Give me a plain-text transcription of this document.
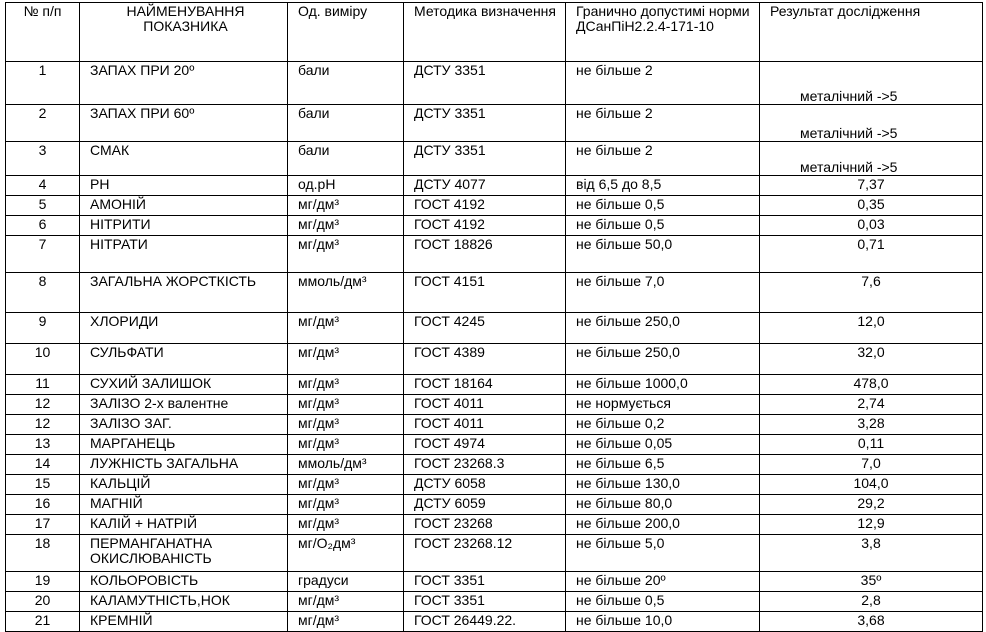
№ п/п	НАЙМЕНУВАННЯ ПОКАЗНИКА	Од. виміру	Методика визначення	Гранично допустимі норми ДСанПіН2.2.4-171-10	Результат дослідження
1	ЗАПАХ ПРИ 20º	бали	ДСТУ 3351	не більше 2	металічний ->5
2	ЗАПАХ ПРИ 60º	бали	ДСТУ 3351	не більше 2	металічний ->5
3	СМАК	бали	ДСТУ 3351	не більше 2	металічний ->5
4	PH	од.pH	ДСТУ 4077	від 6,5 до 8,5	7,37
5	АМОНІЙ	мг/дм³	ГОСТ 4192	не більше 0,5	0,35
6	НІТРИТИ	мг/дм³	ГОСТ 4192	не більше 0,5	0,03
7	НІТРАТИ	мг/дм³	ГОСТ 18826	не більше 50,0	0,71
8	ЗАГАЛЬНА ЖОРСТКІСТЬ	ммоль/дм³	ГОСТ 4151	не більше 7,0	7,6
9	ХЛОРИДИ	мг/дм³	ГОСТ 4245	не більше 250,0	12,0
10	СУЛЬФАТИ	мг/дм³	ГОСТ 4389	не більше 250,0	32,0
11	СУХИЙ ЗАЛИШОК	мг/дм³	ГОСТ 18164	не більше 1000,0	478,0
12	ЗАЛІЗО 2-х валентне	мг/дм³	ГОСТ 4011	не нормується	2,74
12	ЗАЛІЗО ЗАГ.	мг/дм³	ГОСТ 4011	не більше 0,2	3,28
13	МАРГАНЕЦЬ	мг/дм³	ГОСТ 4974	не більше 0,05	0,11
14	ЛУЖНІСТЬ ЗАГАЛЬНА	ммоль/дм³	ГОСТ 23268.3	не більше 6,5	7,0
15	КАЛЬЦІЙ	мг/дм³	ДСТУ 6058	не більше 130,0	104,0
16	МАГНІЙ	мг/дм³	ДСТУ 6059	не більше 80,0	29,2
17	КАЛІЙ + НАТРІЙ	мг/дм³	ГОСТ 23268	не більше 200,0	12,9
18	ПЕРМАНГАНАТНА ОКИСЛЮВАНІСТЬ	мг/О₂дм³	ГОСТ 23268.12	не більше 5,0	3,8
19	КОЛЬОРОВІСТЬ	градуси	ГОСТ 3351	не більше 20º	35º
20	КАЛАМУТНІСТЬ,НОК	мг/дм³	ГОСТ 3351	не більше 0,5	2,8
21	КРЕМНІЙ	мг/дм³	ГОСТ 26449.22.	не більше 10,0	3,68
